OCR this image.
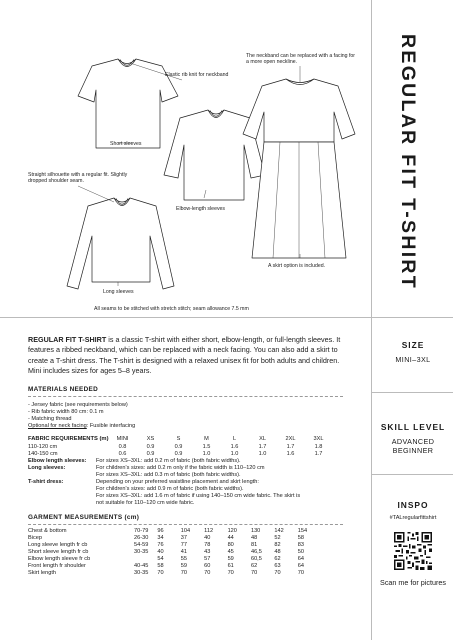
The neckband can be replaced with a facing for a more open neckline.
Elastic rib knit for neckband
Short sleeves
Straight silhouette with a regular fit. Slightly dropped shoulder seam.
Elbow-length sleeves
A skirt option is included.
Long sleeves
All seams to be stitched with stretch stitch; seam allowance 7.5 mm
REGULAR FIT T-SHIRT

REGULAR FIT T-SHIRT is a classic T-shirt with either short, elbow-length, or full-length sleeves. It features a ribbed neckband, which can be replaced with a neck facing. You can also add a skirt to create a T-shirt dress. The T-shirt is designed with a relaxed unisex fit for both adults and children. Mini includes sizes for ages 5–8 years.

MATERIALS NEEDED
- Jersey fabric (see requirements below)
- Rib fabric width 80 cm: 0.1 m
- Matching thread
Optional for neck facing: Fusible interfacing
FABRIC REQUIREMENTS (m)	MINI	XS	S	M	L	XL	2XL	3XL
110-120 cm	0.8	0.9	0.9	1.5	1.6	1.7	1.7	1.8
140-150 cm	0.6	0.9	0.9	1.0	1.0	1.0	1.6	1.7
Elbow length sleeves:	For sizes XS–3XL: add 0.2 m of fabric (both fabric widths).
Long sleeves:	For children's sizes: add 0.2 m only if the fabric width is 110–120 cm
For sizes XS–3XL: add 0.3 m of fabric (both fabric widths).
T-shirt dress:	Depending on your preferred waistline placement and skirt length:
For children's sizes: add 0.9 m of fabric (both fabric widths).
For sizes XS–3XL: add 1.6 m of fabric if using 140–150 cm wide fabric. The skirt is
not suitable for 110–120 cm wide fabric.
GARMENT MEASUREMENTS (cm)
Chest & bottom	70-79	96	104	112	120	130	142	154
Bicep	26-30	34	37	40	44	48	52	58
Long sleeve length fr cb	54-59	76	77	78	80	81	82	83
Short sleeve length fr cb	30-35	40	41	43	45	46,5	48	50
Elbow length sleeve fr cb		54	55	57	59	60,5	62	64
Front length fr shoulder	40-45	58	59	60	61	62	63	64
Skirt length	30-35	70	70	70	70	70	70	70
SIZE
MINI–3XL
SKILL LEVEL
ADVANCED BEGINNER
INSPO
#TALregularfittshirt
Scan me for pictures
